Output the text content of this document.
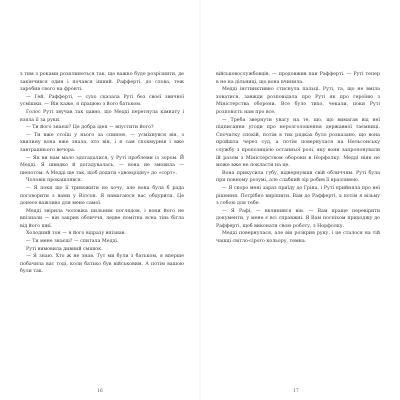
з тим з роками розплинеться так, що важко буде розрізнити, де закінчився один і почався інший. Рафферті, до слова, теж заробив свого на фронті.

— Гей, Рафферті, — сухо сказала Руті без своєї звичної усмішки. — Він каже, я працюю з його батьком.

Голос Руті звучав так давно, що Медді перетнула кімнату і взяла її за руки.

— Ти його знаєш? Це добра ідея — впустити його?

— Ти вже стоїш у нього за спиною, — усміхнувся він, з хвилину вона вже знала, хто він, і я сам спохмурнів і вже завтрашнього вечора.

— Як ви нам мало здогадалися, у Руті проблеми із зором. Й Медді. Я швидко й догадувалась, — вона не змовила — шепотом. А Медді ще так, щоб додати «двоюрідну» до «сорт».

Чоловік прокашлявся.

— Я поки що її тривожити не хочу, але вона була б рада поговорити з вами у Вілсон. Я намагаюся вас обдурити. Це донесе важливо для мене самої.

Медді звірила чоловіка пильним поглядом, і вони його не впізнали — він закрив обличчя, ледве помітна ясна тінь бігла від його шиї.

Холодний тон — я його відразу впізнав.

— Ти мене знаєш? — спитала Медді.

Руті вимовила дивний смішок.

— Я знаю. Хто ж не знав. Тут ми були з батьком, я вперше побачила вас тоді, коли батько був військовим. А потім вашою були так.

військовослужбовців, — продовжив пан Рафферті. — Руті тепер в не на дільниці, що вона вчинила.

Медді інстинктивно стиснула пальці. Руті, та, що не вміла ховатися, завжди розповідала про Руті як про героїню з Міністерства оборони. Все було тихо, чекали, поки Руті розповість нам про все.

— Треба звернути увагу на те, що, що вимагав від неї підписання угоди про нерозголошення державної таємниці. Спочатку спокій, потім в тих рядках було розказано, що вона пройшла через суд, а потім повернулася на Нельсонську службу з пропозицією останньої ролі, яку вони запропонували їй разом з Міністерством оборони в Норфолку. Медді ніяк не може вже не покласти на це.

Вона прикусила губу, відвернувши свій обличчям. Руті була при повному розумі, але слабкий зір робив її вразливою.

— Я скоро мені зараз приїду до Гріна, і Руті прийняла про неї рішення. Потрібно вирішити. Вам до Рафферті, а потім я візьму з собою для тебе.

— Я Рафі, — вклинився він. — Вам краще перевірити документи, у мене є всі справжні. Я Вам поспіхом приходжу до Рафферті, щоб виконати свою роботу, з Норфолку.

Медді повернулася, але він розкрив руку, і це сталося на тій чашці світло-сірого кольору, темна.

16	17
